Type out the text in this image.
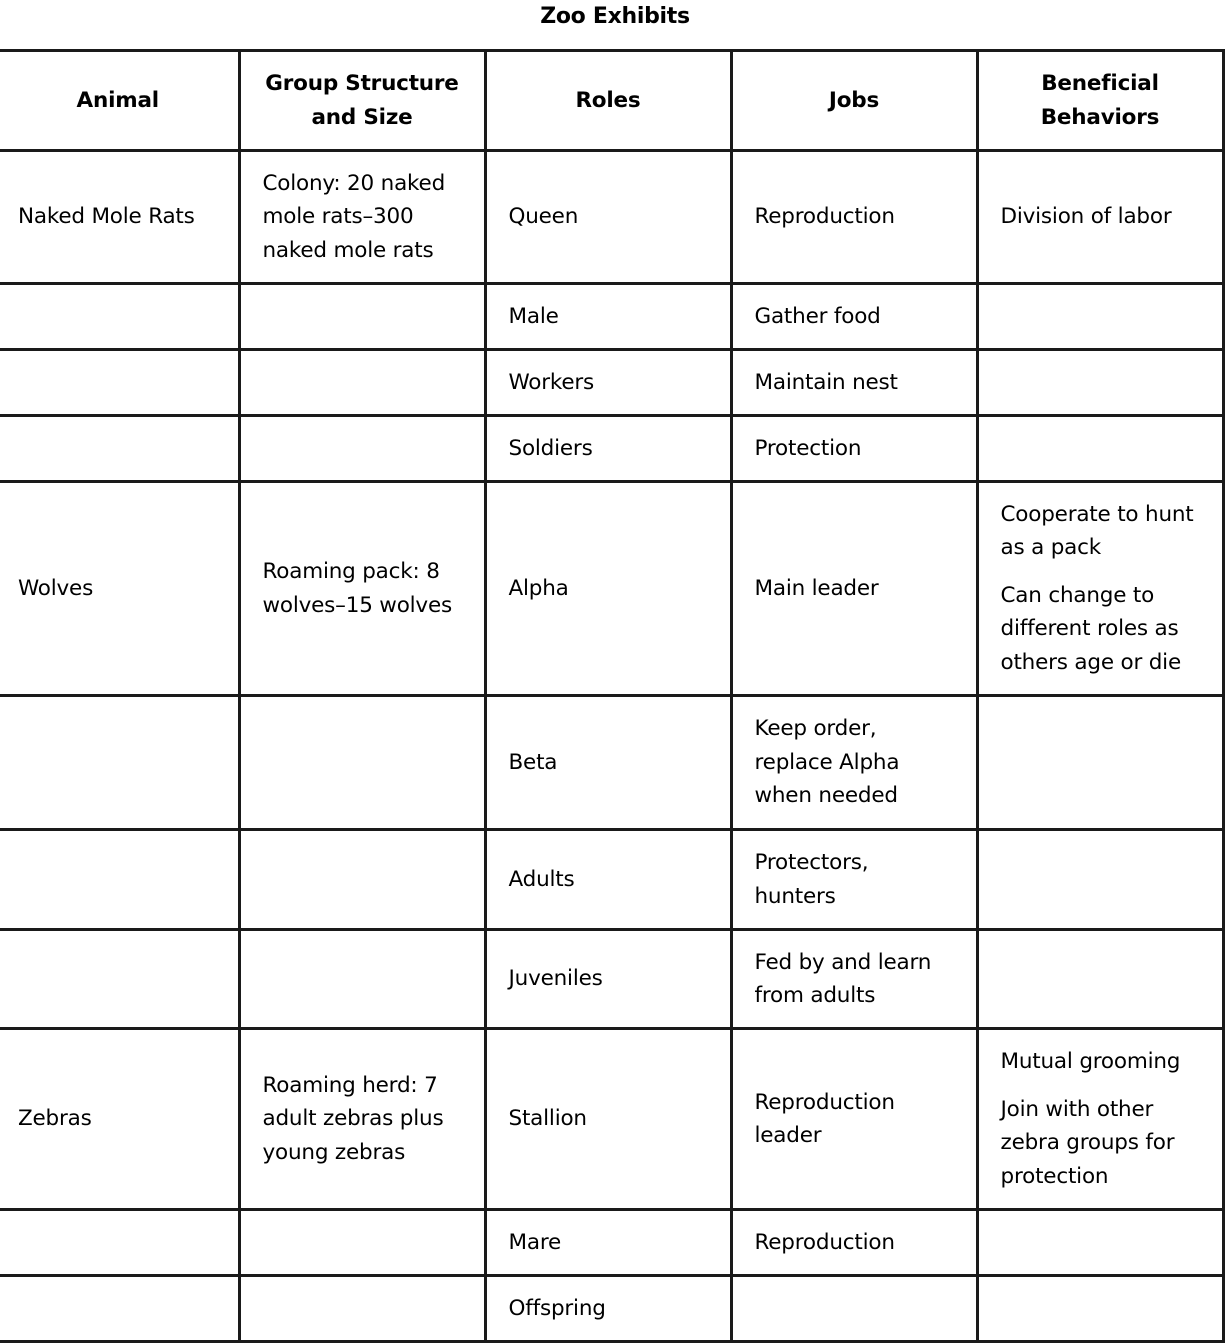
Zoo Exhibits
Animal	Group Structure and Size	Roles	Jobs	Beneficial Behaviors
Naked Mole Rats	Colony: 20 naked mole rats–300 naked mole rats	Queen	Reproduction	Division of labor

		Male	Gather food	
		Workers	Maintain nest	
		Soldiers	Protection	
Wolves	Roaming pack: 8 wolves–15 wolves	Alpha	Main leader	Cooperate to hunt as a pack
Can change to different roles as others age or die

		Beta	Keep order, replace Alpha when needed	
		Adults	Protectors, hunters	
		Juveniles	Fed by and learn from adults	
Zebras	Roaming herd: 7 adult zebras plus young zebras	Stallion	Reproduction leader	Mutual grooming
Join with other zebra groups for protection

		Mare	Reproduction	
		Offspring		
